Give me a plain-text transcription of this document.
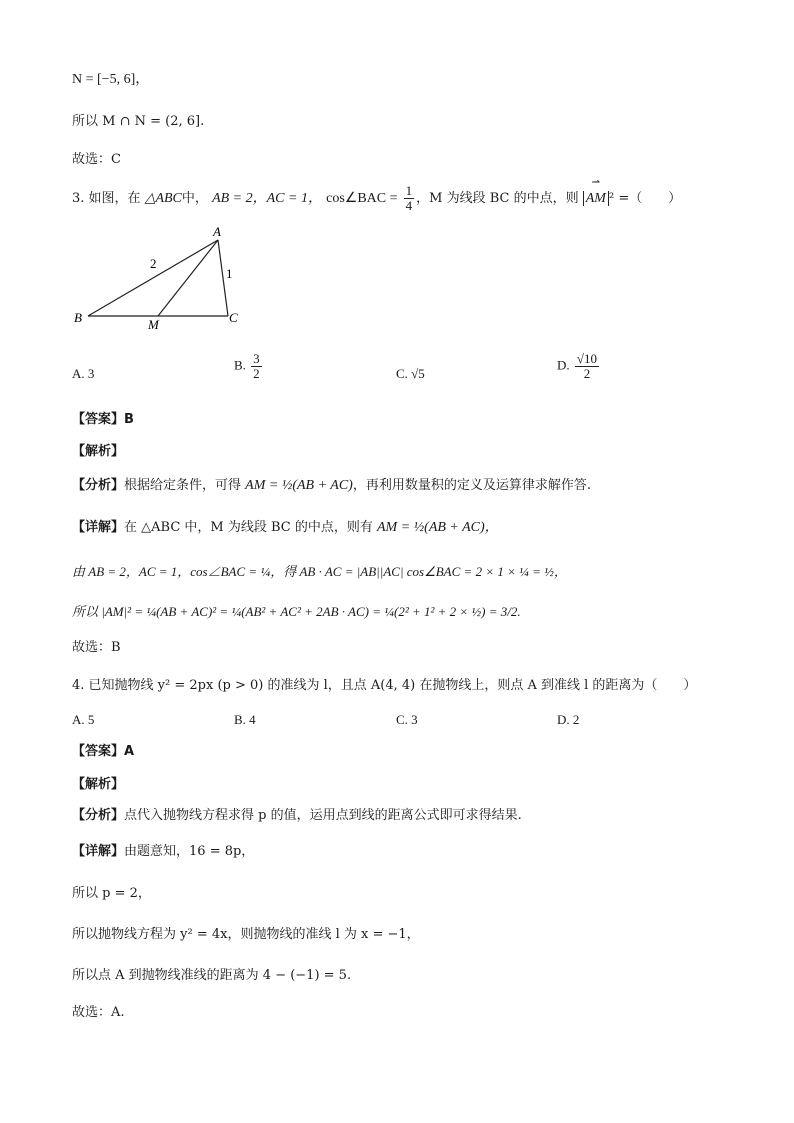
N = [−5, 6]，
所以 M ∩ N = (2, 6].
故选：C
3. 如图，在 △ABC中， AB = 2，AC = 1， cos∠BAC = $\frac{1}{4}$ ，M 为线段 BC 的中点，则 ⇀ AM ² =（　　）
A
B	C
M
2
1
A. 3
B. $\frac{3}{2}$	C. √5
D. $\frac{√10}{2}$
【答案】B
【解析】
【分析】根据给定条件，可得 AM = ½(AB + AC)，再利用数量积的定义及运算律求解作答.
【详解】在 △ABC 中，M 为线段 BC 的中点，则有 AM = ½(AB + AC)，
由 AB = 2，AC = 1，cos∠BAC = ¼，得 AB · AC = |AB||AC| cos∠BAC = 2 × 1 × ¼ = ½，
所以 |AM|² = ¼(AB + AC)² = ¼(AB² + AC² + 2AB · AC) = ¼(2² + 1² + 2 × ½) = 3/2.
故选：B
4. 已知抛物线 y² = 2px (p > 0) 的准线为 l，且点 A(4, 4) 在抛物线上，则点 A 到准线 l 的距离为（　　）
A. 5	B. 4	C. 3	D. 2
【答案】A
【解析】
【分析】点代入抛物线方程求得 p 的值，运用点到线的距离公式即可求得结果.
【详解】由题意知，16 = 8p，
所以 p = 2，
所以抛物线方程为 y² = 4x，则抛物线的准线 l 为 x = −1，
所以点 A 到抛物线准线的距离为 4 − (−1) = 5.
故选：A.
